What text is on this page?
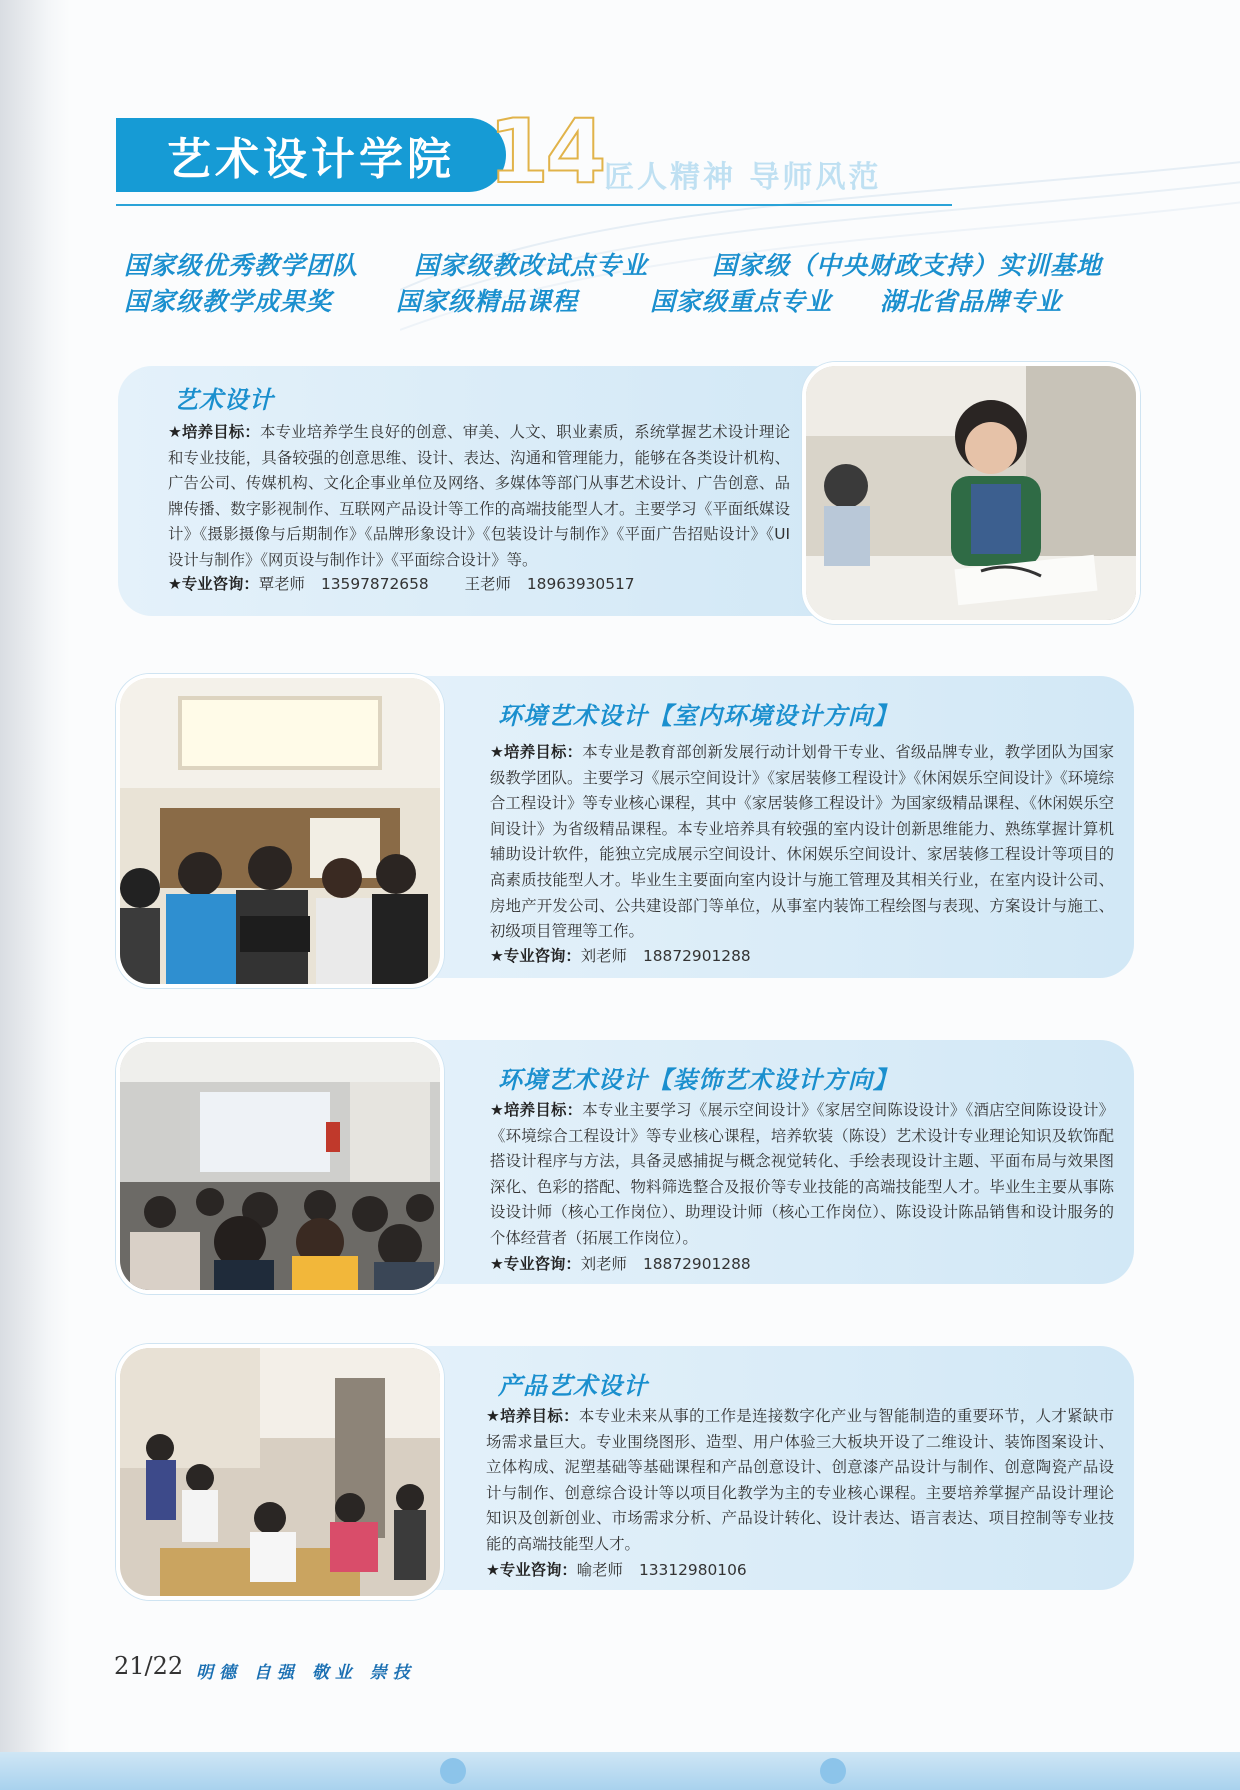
艺术设计学院 14 匠人精神 导师风范
国家级优秀教学团队 国家级教改试点专业	国家级（中央财政支持）实训基地
国家级教学成果奖	国家级精品课程	国家级重点专业 湖北省品牌专业
艺术设计
★培养目标：本专业培养学生良好的创意、审美、人文、职业素质，系统掌握艺术设计理论和专业技能，具备较强的创意思维、设计、表达、沟通和管理能力，能够在各类设计机构、广告公司、传媒机构、文化企事业单位及网络、多媒体等部门从事艺术设计、广告创意、品牌传播、数字影视制作、互联网产品设计等工作的高端技能型人才。主要学习《平面纸媒设计》《摄影摄像与后期制作》《品牌形象设计》《包装设计与制作》《平面广告招贴设计》《UI设计与制作》《网页设与制作计》《平面综合设计》等。
★专业咨询：覃老师 13597872658 王老师 18963930517
环境艺术设计【室内环境设计方向】
★培养目标：本专业是教育部创新发展行动计划骨干专业、省级品牌专业，教学团队为国家级教学团队。主要学习《展示空间设计》《家居装修工程设计》《休闲娱乐空间设计》《环境综合工程设计》等专业核心课程，其中《家居装修工程设计》为国家级精品课程、《休闲娱乐空间设计》为省级精品课程。本专业培养具有较强的室内设计创新思维能力、熟练掌握计算机辅助设计软件，能独立完成展示空间设计、休闲娱乐空间设计、家居装修工程设计等项目的高素质技能型人才。毕业生主要面向室内设计与施工管理及其相关行业，在室内设计公司、房地产开发公司、公共建设部门等单位，从事室内装饰工程绘图与表现、方案设计与施工、初级项目管理等工作。
★专业咨询：刘老师 18872901288
环境艺术设计【装饰艺术设计方向】
★培养目标：本专业主要学习《展示空间设计》《家居空间陈设设计》《酒店空间陈设设计》《环境综合工程设计》等专业核心课程，培养软装（陈设）艺术设计专业理论知识及软饰配搭设计程序与方法，具备灵感捕捉与概念视觉转化、手绘表现设计主题、平面布局与效果图深化、色彩的搭配、物料筛选整合及报价等专业技能的高端技能型人才。毕业生主要从事陈设设计师（核心工作岗位）、助理设计师（核心工作岗位）、陈设设计陈品销售和设计服务的个体经营者（拓展工作岗位）。
★专业咨询：刘老师 18872901288
产品艺术设计
★培养目标：本专业未来从事的工作是连接数字化产业与智能制造的重要环节，人才紧缺市场需求量巨大。专业围绕图形、造型、用户体验三大板块开设了二维设计、装饰图案设计、立体构成、泥塑基础等基础课程和产品创意设计、创意漆产品设计与制作、创意陶瓷产品设计与制作、创意综合设计等以项目化教学为主的专业核心课程。主要培养掌握产品设计理论知识及创新创业、市场需求分析、产品设计转化、设计表达、语言表达、项目控制等专业技能的高端技能型人才。
★专业咨询：喻老师 13312980106
21/22 明德 自强 敬业 崇技
